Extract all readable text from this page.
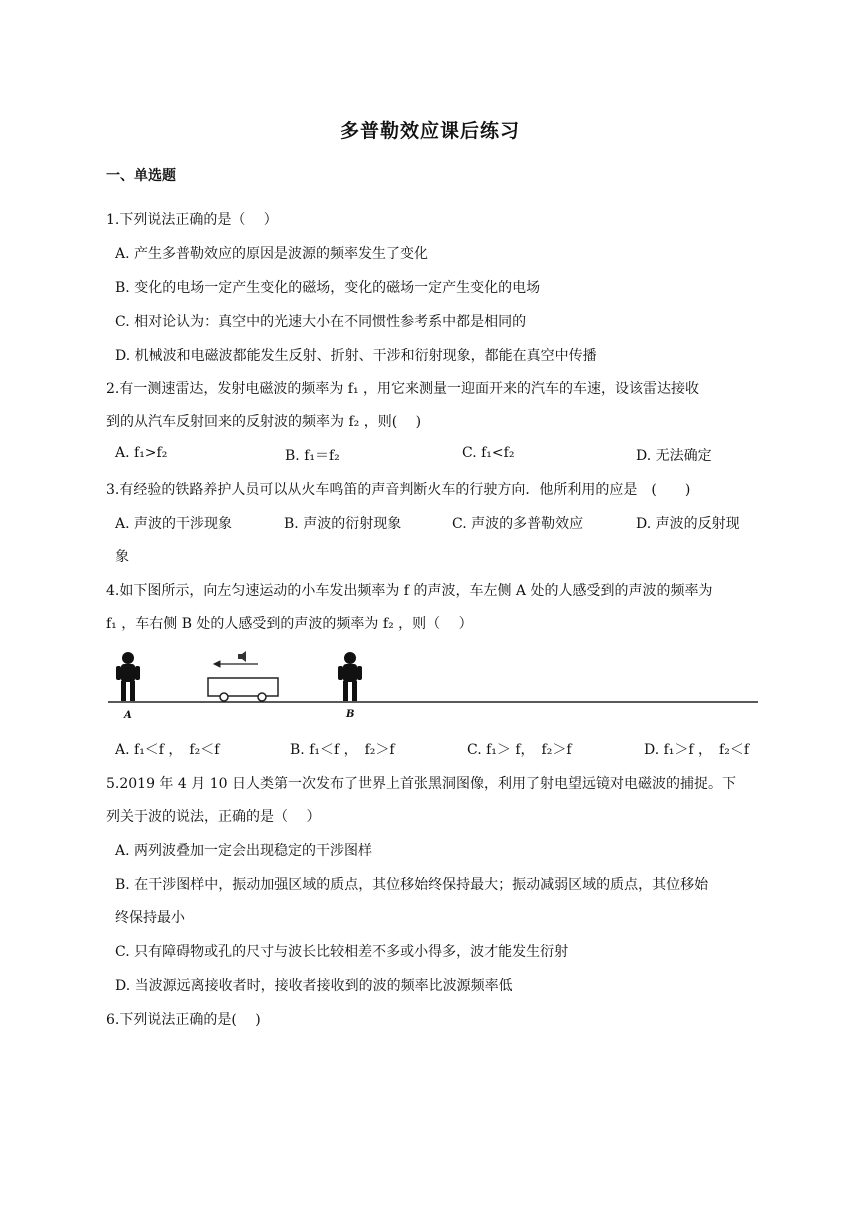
多普勒效应课后练习
一、单选题
1.下列说法正确的是（　 ）
A. 产生多普勒效应的原因是波源的频率发生了变化
B. 变化的电场一定产生变化的磁场，变化的磁场一定产生变化的电场
C. 相对论认为：真空中的光速大小在不同惯性参考系中都是相同的
D. 机械波和电磁波都能发生反射、折射、干涉和衍射现象，都能在真空中传播
2.有一测速雷达，发射电磁波的频率为 f₁ ，用它来测量一迎面开来的汽车的车速，设该雷达接收
到的从汽车反射回来的反射波的频率为 f₂ ，则(　 )
A. f₁>f₂	B. f₁＝f₂	C. f₁<f₂	D. 无法确定
3.有经验的铁路养护人员可以从火车鸣笛的声音判断火车的行驶方向．他所利用的应是　(　　)
A. 声波的干涉现象	B. 声波的衍射现象	C. 声波的多普勒效应	D. 声波的反射现
象
4.如下图所示，向左匀速运动的小车发出频率为 f 的声波，车左侧 A 处的人感受到的声波的频率为
f₁ ，车右侧 B 处的人感受到的声波的频率为 f₂ ，则（　 ）
A	B
A. f₁＜f ，　f₂＜f	B. f₁＜f ，　f₂＞f	C. f₁＞ f，　f₂＞f	D. f₁＞f ，　f₂＜f
5.2019 年 4 月 10 日人类第一次发布了世界上首张黑洞图像，利用了射电望远镜对电磁波的捕捉。下
列关于波的说法，正确的是（　 ）
A. 两列波叠加一定会出现稳定的干涉图样
B. 在干涉图样中，振动加强区域的质点，其位移始终保持最大；振动减弱区域的质点，其位移始
终保持最小
C. 只有障碍物或孔的尺寸与波长比较相差不多或小得多，波才能发生衍射
D. 当波源远离接收者时，接收者接收到的波的频率比波源频率低
6.下列说法正确的是(　 )
